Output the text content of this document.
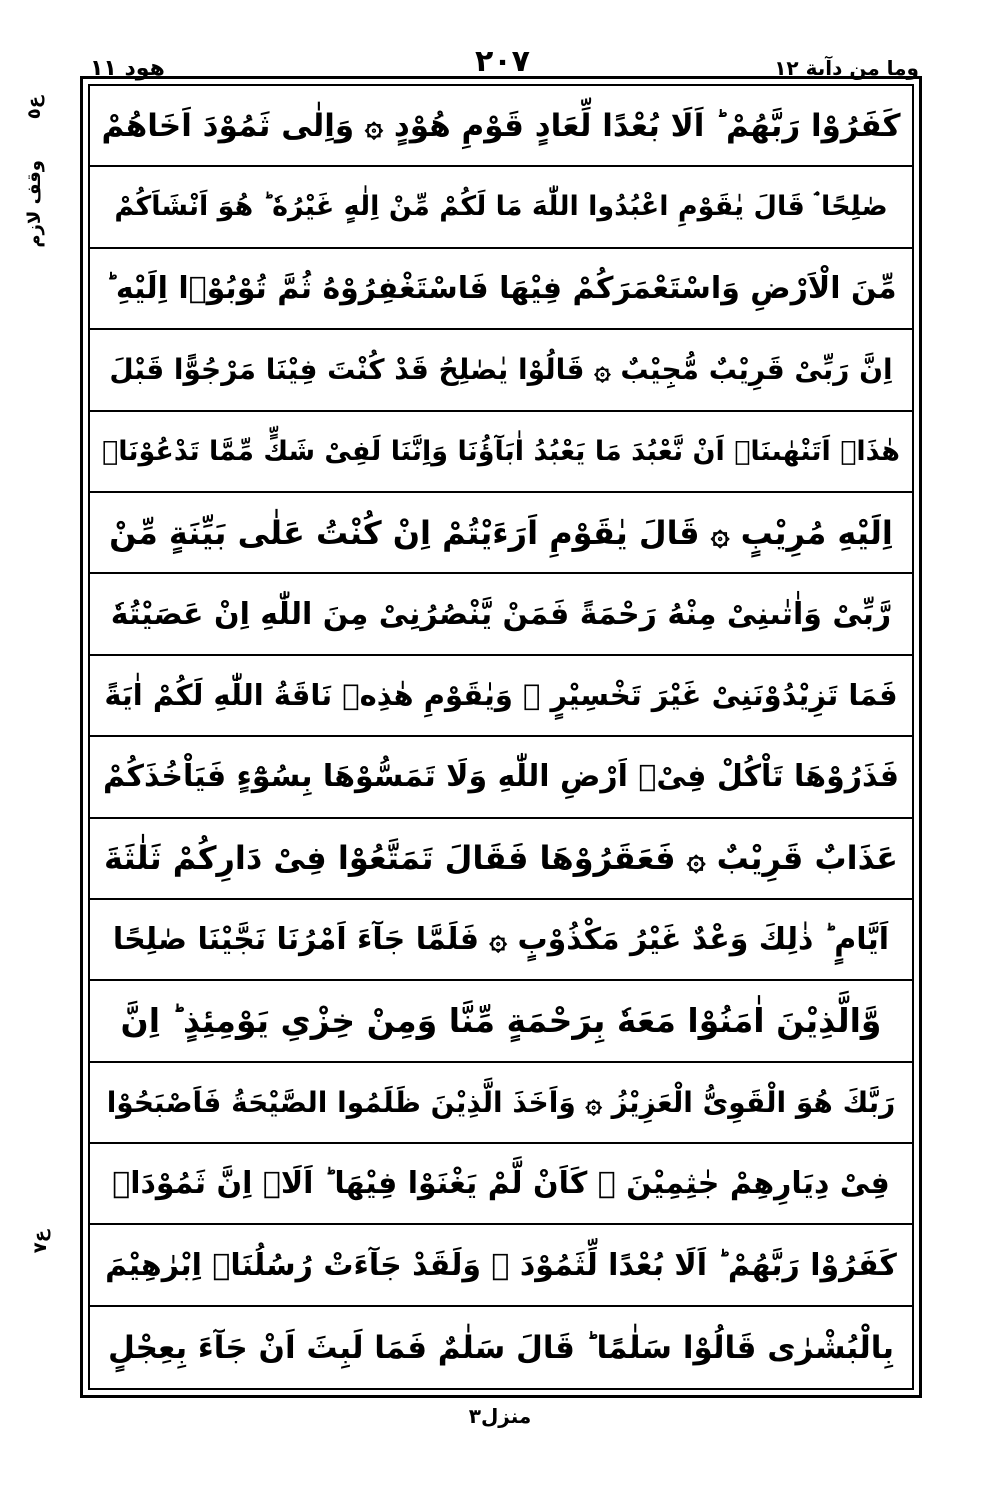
هود ١١	٢٠٧	وما من دآبة ١٢
ع٥
وقف لازم
ع٧
كَفَرُوْا رَبَّهُمْ ؕ اَلَا بُعْدًا لِّعَادٍ قَوْمِ هُوْدٍ ۞ وَاِلٰى ثَمُوْدَ اَخَاهُمْ
صٰلِحًا ۘ قَالَ يٰقَوْمِ اعْبُدُوا اللّٰهَ مَا لَكُمْ مِّنْ اِلٰهٍ غَيْرُهٗ ؕ هُوَ اَنْشَاَكُمْ
مِّنَ الْاَرْضِ وَاسْتَعْمَرَكُمْ فِيْهَا فَاسْتَغْفِرُوْهُ ثُمَّ تُوْبُوْۤا اِلَيْهِ ؕ
اِنَّ رَبِّىْ قَرِيْبٌ مُّجِيْبٌ ۞ قَالُوْا يٰصٰلِحُ قَدْ كُنْتَ فِيْنَا مَرْجُوًّا قَبْلَ
هٰذَاۤ اَتَنْهٰٮنَاۤ اَنْ نَّعْبُدَ مَا يَعْبُدُ اٰبَآؤُنَا وَاِنَّنَا لَفِىْ شَكٍّ مِّمَّا تَدْعُوْنَاۤ
اِلَيْهِ مُرِيْبٍ ۞ قَالَ يٰقَوْمِ اَرَءَيْتُمْ اِنْ كُنْتُ عَلٰى بَيِّنَةٍ مِّنْ
رَّبِّىْ وَاٰتٰٮنِىْ مِنْهُ رَحْمَةً فَمَنْ يَّنْصُرُنِىْ مِنَ اللّٰهِ اِنْ عَصَيْتُهٗ
فَمَا تَزِيْدُوْنَنِىْ غَيْرَ تَخْسِيْرٍ ۞ وَيٰقَوْمِ هٰذِهٖ نَاقَةُ اللّٰهِ لَكُمْ اٰيَةً
فَذَرُوْهَا تَاْكُلْ فِىْۤ اَرْضِ اللّٰهِ وَلَا تَمَسُّوْهَا بِسُوْٓءٍ فَيَاْخُذَكُمْ
عَذَابٌ قَرِيْبٌ ۞ فَعَقَرُوْهَا فَقَالَ تَمَتَّعُوْا فِىْ دَارِكُمْ ثَلٰثَةَ
اَيَّامٍ ؕ ذٰلِكَ وَعْدٌ غَيْرُ مَكْذُوْبٍ ۞ فَلَمَّا جَآءَ اَمْرُنَا نَجَّيْنَا صٰلِحًا
وَّالَّذِيْنَ اٰمَنُوْا مَعَهٗ بِرَحْمَةٍ مِّنَّا وَمِنْ خِزْىِ يَوْمِئِذٍ ؕ اِنَّ
رَبَّكَ هُوَ الْقَوِىُّ الْعَزِيْزُ ۞ وَاَخَذَ الَّذِيْنَ ظَلَمُوا الصَّيْحَةُ فَاَصْبَحُوْا
فِىْ دِيَارِهِمْ جٰثِمِيْنَ ۞ كَاَنْ لَّمْ يَغْنَوْا فِيْهَا ؕ اَلَاۤ اِنَّ ثَمُوْدَا۟
كَفَرُوْا رَبَّهُمْ ؕ اَلَا بُعْدًا لِّثَمُوْدَ ۞ وَلَقَدْ جَآءَتْ رُسُلُنَاۤ اِبْرٰهِيْمَ
بِالْبُشْرٰى قَالُوْا سَلٰمًا ؕ قَالَ سَلٰمٌ فَمَا لَبِثَ اَنْ جَآءَ بِعِجْلٍ
منزل٣
